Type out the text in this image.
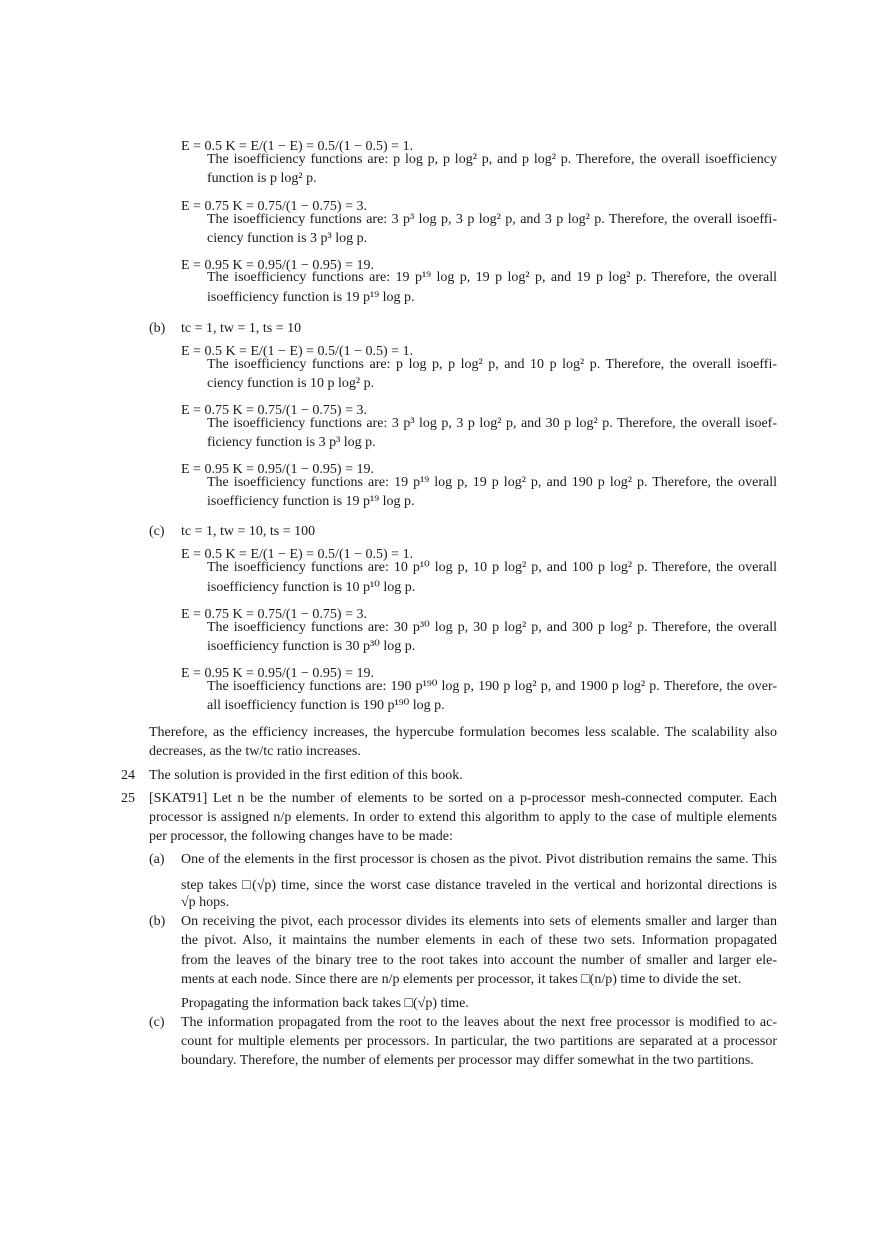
E = 0.5 K = E/(1 − E) = 0.5/(1 − 0.5) = 1.
The isoefficiency functions are: p log p, p log² p, and p log² p. Therefore, the overall isoefficiency
function is p log² p.
E = 0.75 K = 0.75/(1 − 0.75) = 3.
The isoefficiency functions are: 3 p³ log p, 3 p log² p, and 3 p log² p. Therefore, the overall isoeffi-
ciency function is 3 p³ log p.
E = 0.95 K = 0.95/(1 − 0.95) = 19.
The isoefficiency functions are: 19 p¹⁹ log p, 19 p log² p, and 19 p log² p. Therefore, the overall
isoefficiency function is 19 p¹⁹ log p.
(b) tc = 1, tw = 1, ts = 10
E = 0.5 K = E/(1 − E) = 0.5/(1 − 0.5) = 1.
The isoefficiency functions are: p log p, p log² p, and 10 p log² p. Therefore, the overall isoeffi-
ciency function is 10 p log² p.
E = 0.75 K = 0.75/(1 − 0.75) = 3.
The isoefficiency functions are: 3 p³ log p, 3 p log² p, and 30 p log² p. Therefore, the overall isoef-
ficiency function is 3 p³ log p.
E = 0.95 K = 0.95/(1 − 0.95) = 19.
The isoefficiency functions are: 19 p¹⁹ log p, 19 p log² p, and 190 p log² p. Therefore, the overall
isoefficiency function is 19 p¹⁹ log p.
(c) tc = 1, tw = 10, ts = 100
E = 0.5 K = E/(1 − E) = 0.5/(1 − 0.5) = 1.
The isoefficiency functions are: 10 p¹⁰ log p, 10 p log² p, and 100 p log² p. Therefore, the overall
isoefficiency function is 10 p¹⁰ log p.
E = 0.75 K = 0.75/(1 − 0.75) = 3.
The isoefficiency functions are: 30 p³⁰ log p, 30 p log² p, and 300 p log² p. Therefore, the overall
isoefficiency function is 30 p³⁰ log p.
E = 0.95 K = 0.95/(1 − 0.95) = 19.
The isoefficiency functions are: 190 p¹⁹⁰ log p, 190 p log² p, and 1900 p log² p. Therefore, the over-
all isoefficiency function is 190 p¹⁹⁰ log p.
Therefore, as the efficiency increases, the hypercube formulation becomes less scalable. The scalability also
decreases, as the tw/tc ratio increases.
24 The solution is provided in the first edition of this book.
25 [SKAT91] Let n be the number of elements to be sorted on a p-processor mesh-connected computer. Each
processor is assigned n/p elements. In order to extend this algorithm to apply to the case of multiple elements
per processor, the following changes have to be made:
(a) One of the elements in the first processor is chosen as the pivot. Pivot distribution remains the same. This
step takes □(√p) time, since the worst case distance traveled in the vertical and horizontal directions is
√p hops.
(b) On receiving the pivot, each processor divides its elements into sets of elements smaller and larger than
the pivot. Also, it maintains the number elements in each of these two sets. Information propagated
from the leaves of the binary tree to the root takes into account the number of smaller and larger ele-
ments at each node. Since there are n/p elements per processor, it takes □(n/p) time to divide the set.
Propagating the information back takes □(√p) time.
(c) The information propagated from the root to the leaves about the next free processor is modified to ac-
count for multiple elements per processors. In particular, the two partitions are separated at a processor
boundary. Therefore, the number of elements per processor may differ somewhat in the two partitions.
